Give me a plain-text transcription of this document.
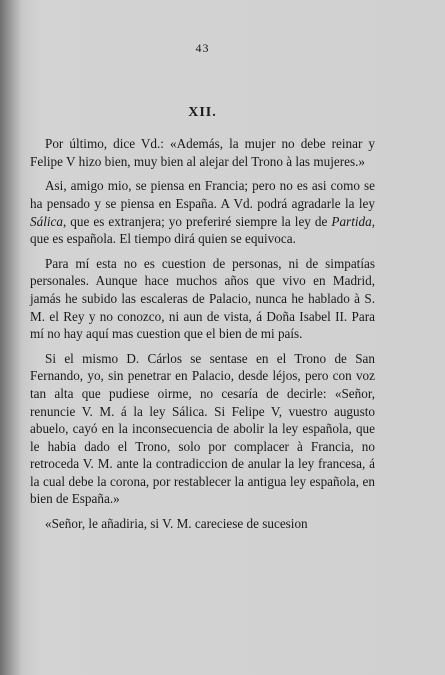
43
XII.

Por último, dice Vd.: «Además, la mujer no debe reinar y Felipe V hizo bien, muy bien al alejar del Trono à las mujeres.»

Asi, amigo mio, se piensa en Francia; pero no es asi como se ha pensado y se piensa en España. A Vd. podrá agradarle la ley Sálica, que es extranjera; yo preferiré siempre la ley de Partida, que es española. El tiempo dirá quien se equivoca.

Para mí esta no es cuestion de personas, ni de simpatías personales. Aunque hace muchos años que vivo en Madrid, jamás he subido las escaleras de Palacio, nunca he hablado à S. M. el Rey y no conozco, ni aun de vista, á Doña Isabel II. Para mí no hay aquí mas cuestion que el bien de mi país.

Si el mismo D. Cárlos se sentase en el Trono de San Fernando, yo, sin penetrar en Palacio, desde léjos, pero con voz tan alta que pudiese oirme, no cesaría de decirle: «Señor, renuncie V. M. á la ley Sálica. Si Felipe V, vuestro augusto abuelo, cayó en la inconsecuencia de abolir la ley española, que le habia dado el Trono, solo por complacer à Francia, no retroceda V. M. ante la contradiccion de anular la ley francesa, á la cual debe la corona, por restablecer la antigua ley española, en bien de España.»

«Señor, le añadiria, si V. M. careciese de sucesion
